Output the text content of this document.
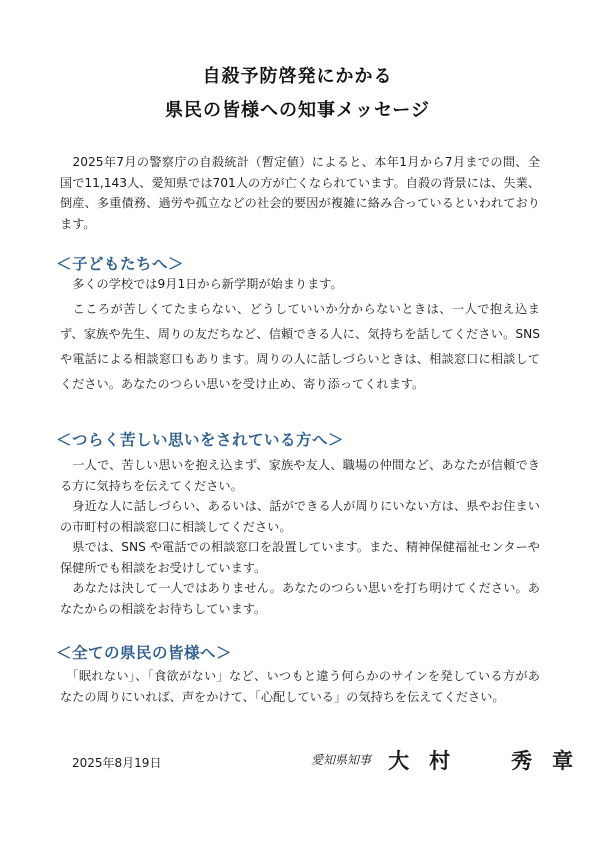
自殺予防啓発にかかる
県民の皆様への知事メッセージ

　2025年7月の警察庁の自殺統計（暫定値）によると、本年1月から7月までの間、全国で11,143人、愛知県では701人の方が亡くなられています。自殺の背景には、失業、倒産、多重債務、過労や孤立などの社会的要因が複雑に絡み合っているといわれております。

＜子どもたちへ＞
　多くの学校では9月1日から新学期が始まります。
　こころが苦しくてたまらない、どうしていいか分からないときは、一人で抱え込まず、家族や先生、周りの友だちなど、信頼できる人に、気持ちを話してください。SNS や電話による相談窓口もあります。周りの人に話しづらいときは、相談窓口に相談してください。あなたのつらい思いを受け止め、寄り添ってくれます。
＜つらく苦しい思いをされている方へ＞
　一人で、苦しい思いを抱え込まず、家族や友人、職場の仲間など、あなたが信頼できる方に気持ちを伝えてください。
　身近な人に話しづらい、あるいは、話ができる人が周りにいない方は、県やお住まいの市町村の相談窓口に相談してください。
　県では、SNS や電話での相談窓口を設置しています。また、精神保健福祉センターや保健所でも相談をお受けしています。
　あなたは決して一人ではありません。あなたのつらい思いを打ち明けてください。あなたからの相談をお待ちしています。
＜全ての県民の皆様へ＞
　「眠れない」、「食欲がない」など、いつもと違う何らかのサインを発している方があなたの周りにいれば、声をかけて、「心配している」の気持ちを伝えてください。
2025年8月19日	$^{愛知県知事}$ 大村　秀章
